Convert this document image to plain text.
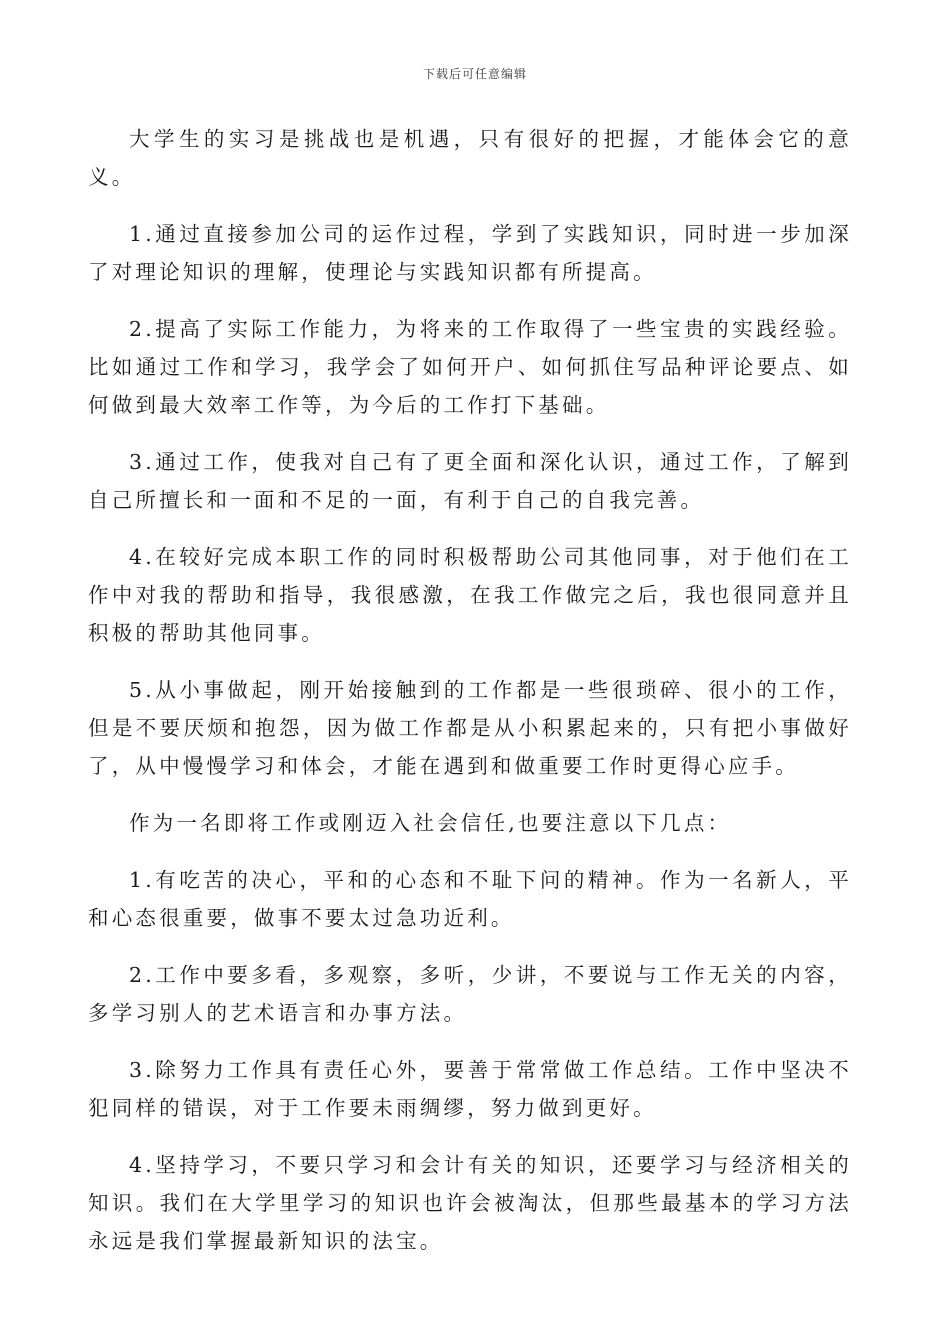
下载后可任意编辑

大学生的实习是挑战也是机遇，只有很好的把握，才能体会它的意义。

1.通过直接参加公司的运作过程，学到了实践知识，同时进一步加深了对理论知识的理解，使理论与实践知识都有所提高。

2.提高了实际工作能力，为将来的工作取得了一些宝贵的实践经验。比如通过工作和学习，我学会了如何开户、如何抓住写品种评论要点、如何做到最大效率工作等，为今后的工作打下基础。

3.通过工作，使我对自己有了更全面和深化认识，通过工作，了解到自己所擅长和一面和不足的一面，有利于自己的自我完善。

4.在较好完成本职工作的同时积极帮助公司其他同事，对于他们在工作中对我的帮助和指导，我很感激，在我工作做完之后，我也很同意并且积极的帮助其他同事。

5.从小事做起，刚开始接触到的工作都是一些很琐碎、很小的工作，但是不要厌烦和抱怨，因为做工作都是从小积累起来的，只有把小事做好了，从中慢慢学习和体会，才能在遇到和做重要工作时更得心应手。

作为一名即将工作或刚迈入社会信任,也要注意以下几点：

1.有吃苦的决心，平和的心态和不耻下问的精神。作为一名新人，平和心态很重要，做事不要太过急功近利。

2.工作中要多看，多观察，多听，少讲，不要说与工作无关的内容，多学习别人的艺术语言和办事方法。

3.除努力工作具有责任心外，要善于常常做工作总结。工作中坚决不犯同样的错误，对于工作要未雨绸缪，努力做到更好。

4.坚持学习，不要只学习和会计有关的知识，还要学习与经济相关的知识。我们在大学里学习的知识也许会被淘汰，但那些最基本的学习方法永远是我们掌握最新知识的法宝。
